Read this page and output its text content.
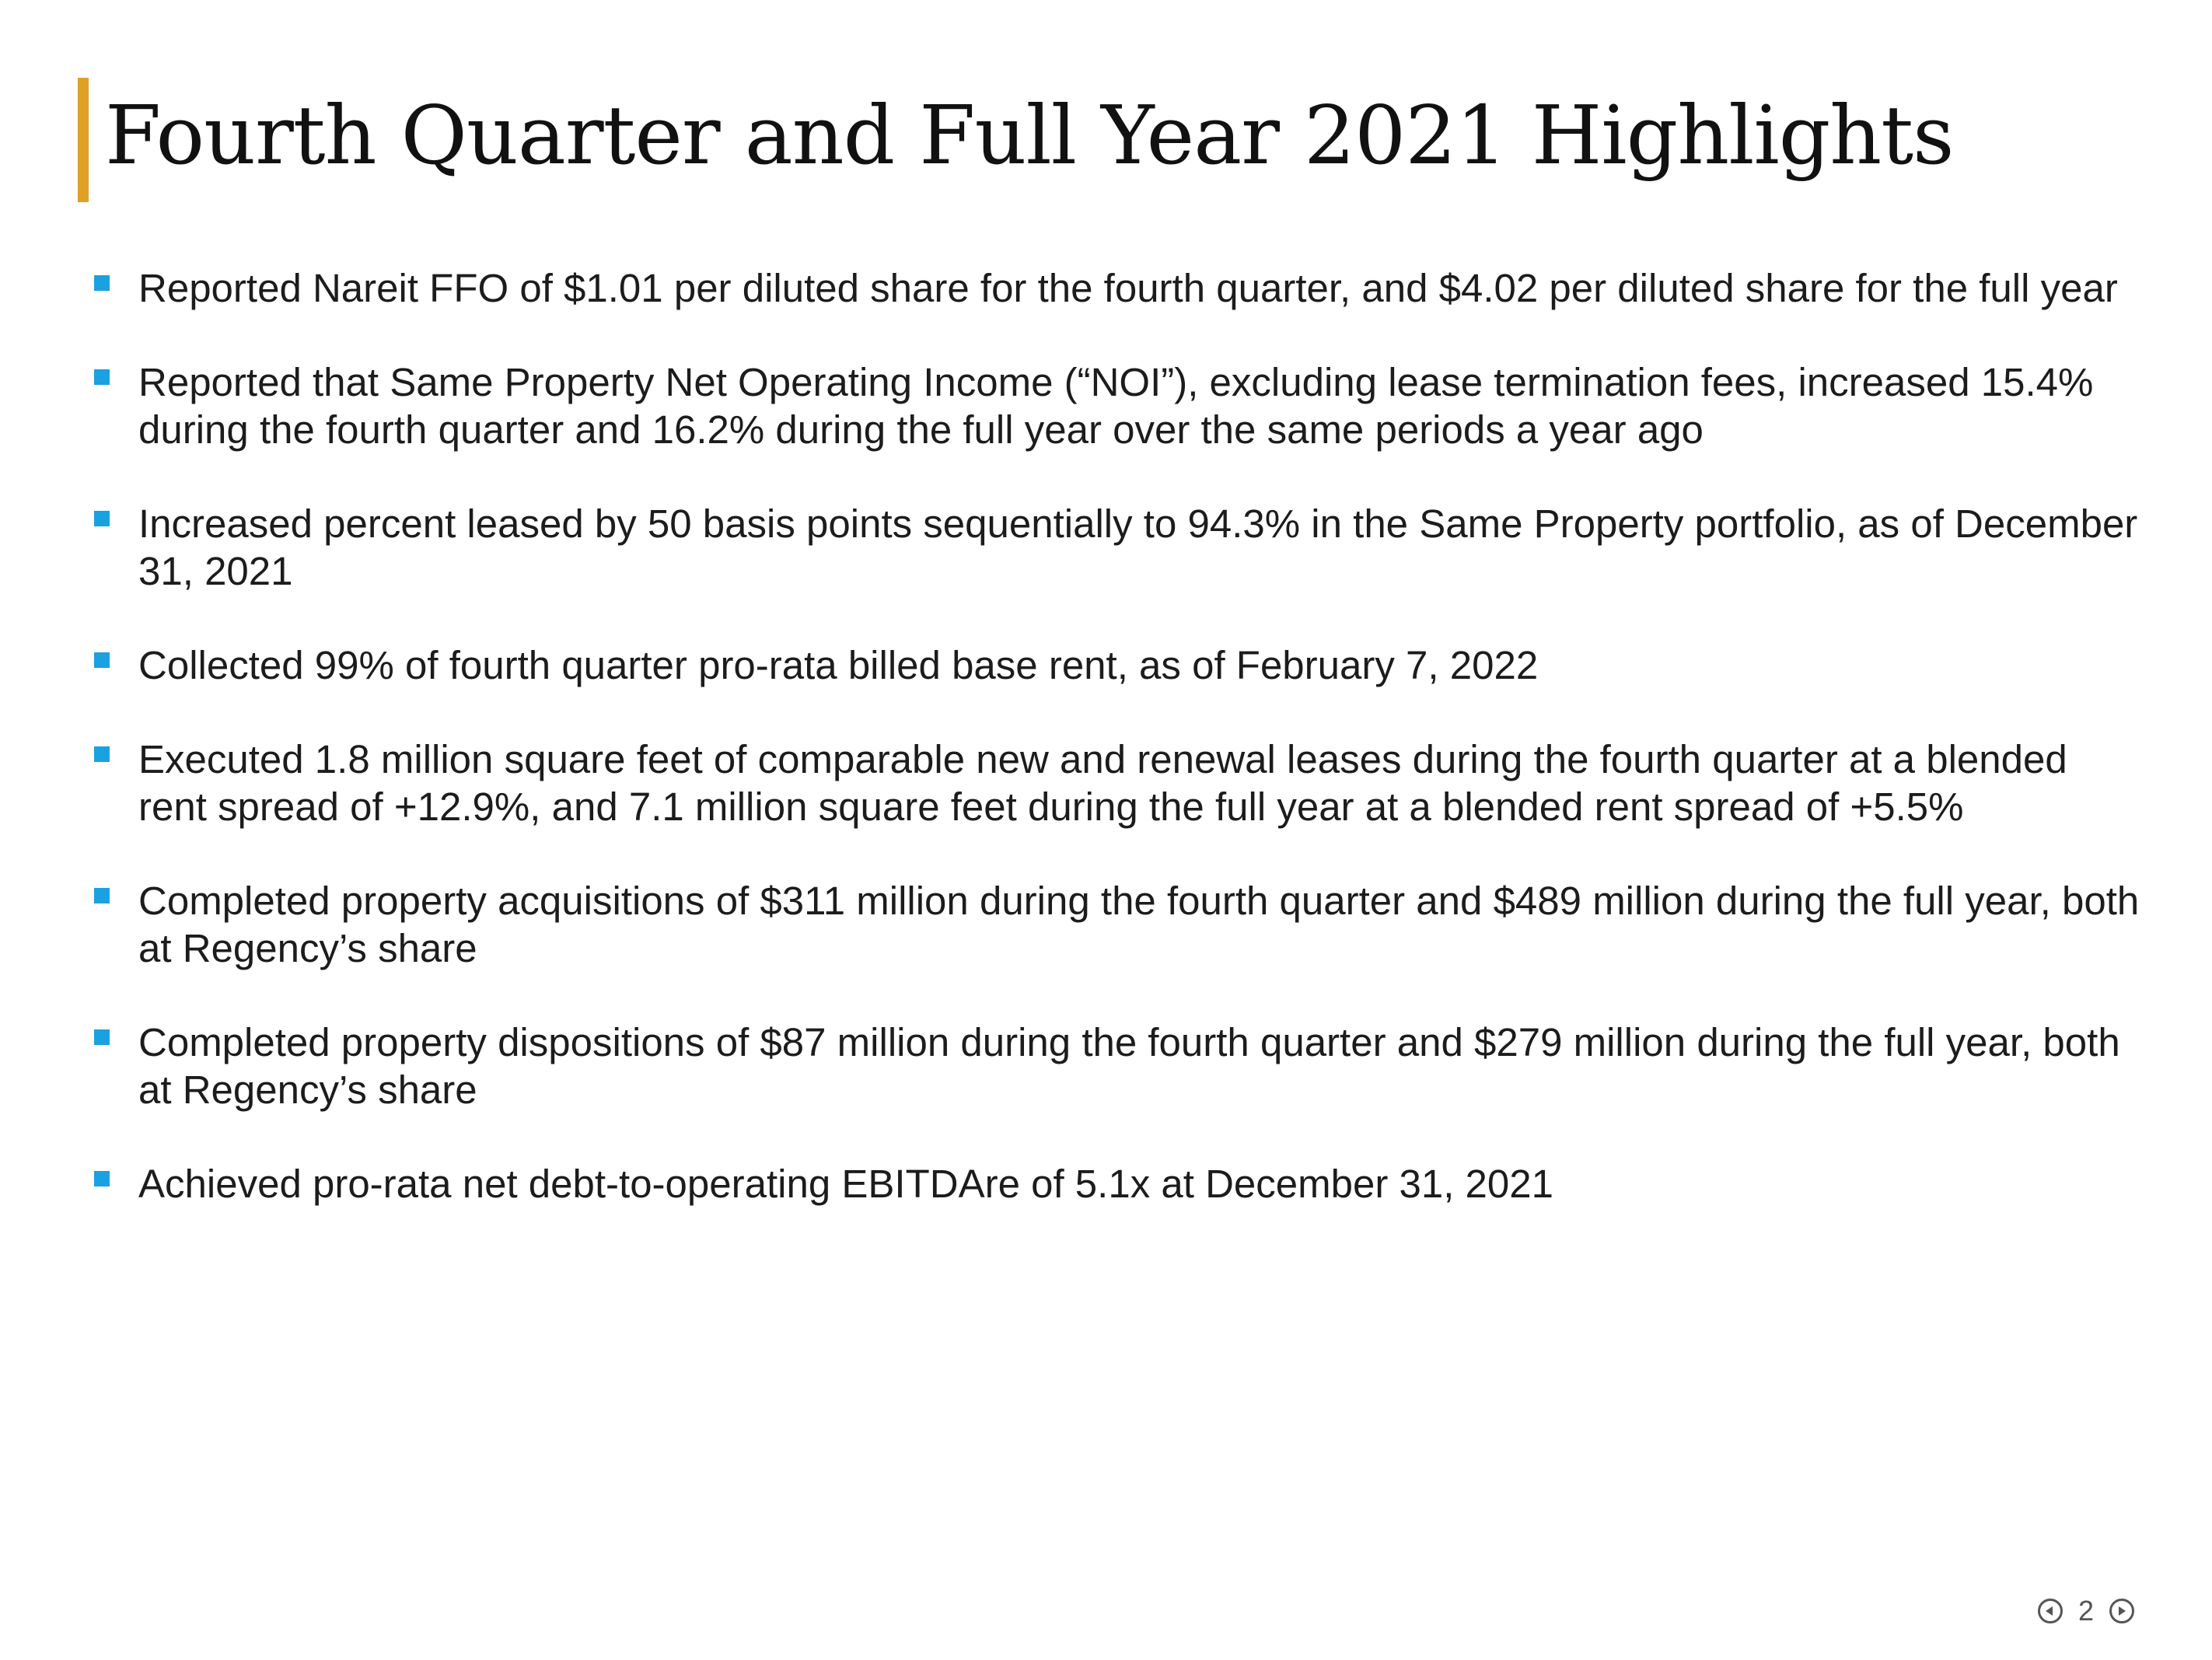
Fourth Quarter and Full Year 2021 Highlights
Reported Nareit FFO of $1.01 per diluted share for the fourth quarter, and $4.02 per diluted share for the full year
Reported that Same Property Net Operating Income (“NOI”), excluding lease termination fees, increased 15.4% during the fourth quarter and 16.2% during the full year over the same periods a year ago
Increased percent leased by 50 basis points sequentially to 94.3% in the Same Property portfolio, as of December 31, 2021
Collected 99% of fourth quarter pro-rata billed base rent, as of February 7, 2022
Executed 1.8 million square feet of comparable new and renewal leases during the fourth quarter at a blended rent spread of +12.9%, and 7.1 million square feet during the full year at a blended rent spread of +5.5%
Completed property acquisitions of $311 million during the fourth quarter and $489 million during the full year, both at Regency’s share
Completed property dispositions of $87 million during the fourth quarter and $279 million during the full year, both at Regency’s share
Achieved pro-rata net debt-to-operating EBITDAre of 5.1x at December 31, 2021
2
